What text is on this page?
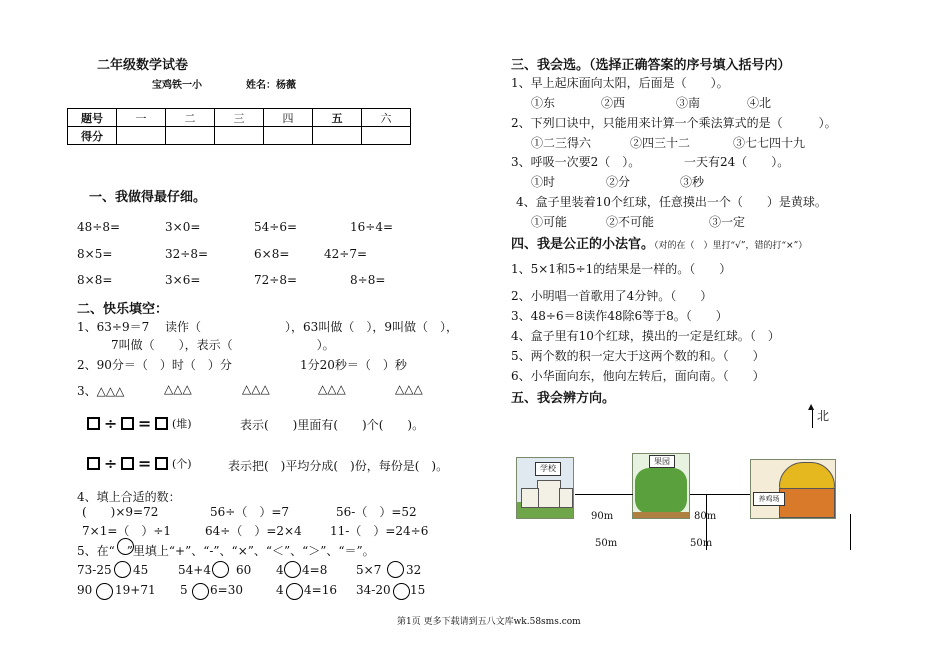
二年级数学试卷
宝鸡铁一小	姓名：杨薇
题号	一	二	三	四	五	六
得分						
一、我做得最仔细。
48÷8=	3×0=	54÷6=	16÷4=
8×5=	32÷8=	6×8=	42÷7=
8×8=	3×6=	72÷8=	8÷8=
二、快乐填空：
1、63÷9＝7　 读作（　　　　　　　），63叫做（　），9叫做（　），
7叫做（　　），表示（　　　　　　　）。
2、90分＝（　）时（　）分	1分20秒＝（　）秒
3、△△△	△△△	△△△	△△△	△△△
÷ = (堆)	表示(　　)里面有(　　)个(　　)。
÷ = (个)	表示把(　)平均分成(　)份，每份是(　)。
4、填上合适的数：
(　　)×9=72	56÷（　）=7	56-（　）=52
7×1=（　）÷1	64÷（　）=2×4 11-（　）=24÷6
5、在“　”里填上“+”、“-”、“×”、“＜”、“＞”、“＝”。
73-25 45 54+4 60 4 4=8 5×7 32
90 19+71 5 6=30	4 4=16 34-20 15
三、我会选。（选择正确答案的序号填入括号内）
1、早上起床面向太阳，后面是（　　）。
①东	②西	③南	④北
2、下列口诀中，只能用来计算一个乘法算式的是（　　　）。
①二三得六	②四三十二	③七七四十九
3、呼吸一次要2（　）。	一天有24（　　）。
①时	②分	③秒
4、盒子里装着10个红球，任意摸出一个（　　）是黄球。
①可能	②不可能	③一定
四、我是公正的小法官。（对的在（　）里打“√”，错的打“×”）
1、5×1和5÷1的结果是一样的。（　　）
2、小明唱一首歌用了4分钟。（　　）
3、48÷6＝8读作48除6等于8。（　　）
4、盒子里有10个红球，摸出的一定是红球。（　）
5、两个数的积一定大于这两个数的和。（　　）
6、小华面向东，他向左转后，面向南。（　　）
五、我会辨方向。
▲
北
学校
果园
养鸡场
90m	80m
50m	50m
第1页 更多下载请到五八文库wk.58sms.com
